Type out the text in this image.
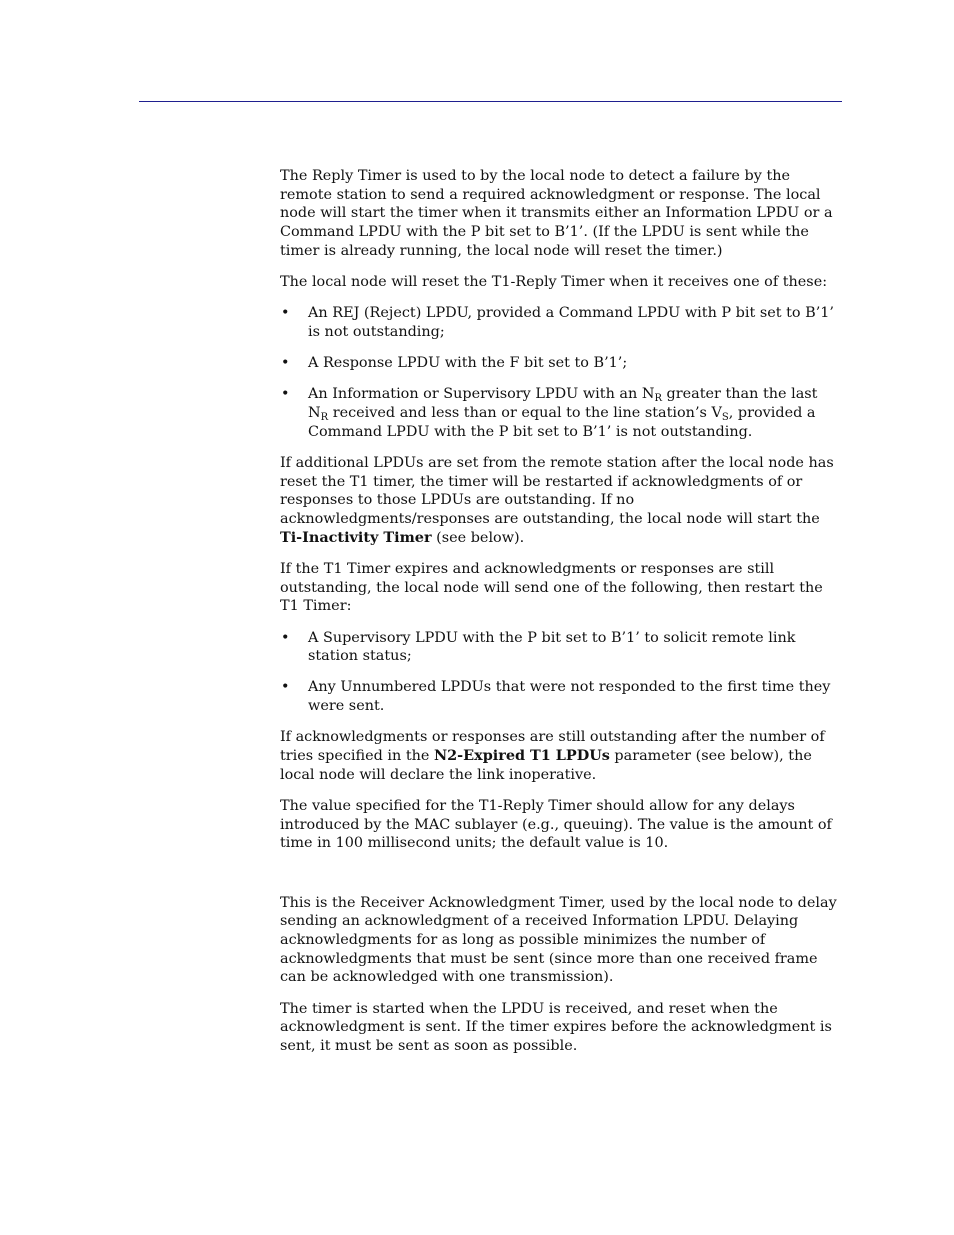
The Reply Timer is used to by the local node to detect a failure by the remote station to send a required acknowledgment or response. The local node will start the timer when it transmits either an Information LPDU or a Command LPDU with the P bit set to B’1’. (If the LPDU is sent while the timer is already running, the local node will reset the timer.)

The local node will reset the T1-Reply Timer when it receives one of these:

• An REJ (Reject) LPDU, provided a Command LPDU with P bit set to B’1’ is not outstanding;
• A Response LPDU with the F bit set to B’1’;
• An Information or Supervisory LPDU with an $N_R$ greater than the last $N_R$ received and less than or equal to the line station’s $V_S$, provided a Command LPDU with the P bit set to B’1’ is not outstanding.

If additional LPDUs are set from the remote station after the local node has reset the T1 timer, the timer will be restarted if acknowledgments of or responses to those LPDUs are outstanding. If no acknowledgments/responses are outstanding, the local node will start the Ti-Inactivity Timer (see below).

If the T1 Timer expires and acknowledgments or responses are still outstanding, the local node will send one of the following, then restart the T1 Timer:

• A Supervisory LPDU with the P bit set to B’1’ to solicit remote link station status;
• Any Unnumbered LPDUs that were not responded to the first time they were sent.

If acknowledgments or responses are still outstanding after the number of tries specified in the N2-Expired T1 LPDUs parameter (see below), the local node will declare the link inoperative.

The value specified for the T1-Reply Timer should allow for any delays introduced by the MAC sublayer (e.g., queuing). The value is the amount of time in 100 millisecond units; the default value is 10.

This is the Receiver Acknowledgment Timer, used by the local node to delay sending an acknowledgment of a received Information LPDU. Delaying acknowledgments for as long as possible minimizes the number of acknowledgments that must be sent (since more than one received frame can be acknowledged with one transmission).

The timer is started when the LPDU is received, and reset when the acknowledgment is sent. If the timer expires before the acknowledgment is sent, it must be sent as soon as possible.
